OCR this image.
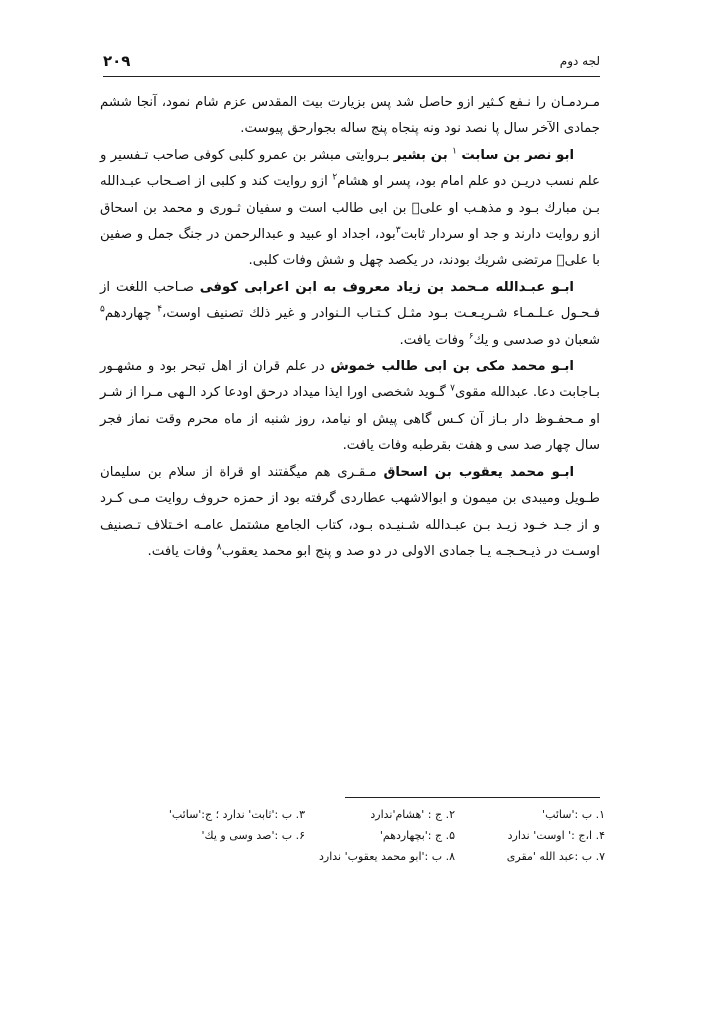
۲۰۹	لجه دوم

مـردمـان را نـفع کـثیر ازو حاصل شد پس بزیارت بیت المقدس عزم شام نمود، آنجا ششم جمادی الآخر سال پا نصد نود ونه پنجاه پنج ساله بجوارحق پیوست.

ابو نصر بن سابت $^۱$ بن بشیر بـروایتی مبشر بن عمرو کلبی کوفی صاحب تـفسیر و علم نسب دریـن دو علم امام بود، پسر او هشام$^۲$ ازو روایت کند و کلبی از اصـحاب عبـدالله بـن مبارك بـود و مذهـب او علیؑ بن ابی طالب است و سفیان ثـوری و محمد بن اسحاق ازو روایت دارند و جد او سردار ثابت$^۳$بود، اجداد او عبید و عبدالرحمن در جنگ جمل و صفین با علیؑ مرتضی شریك بودند، در یکصد چهل و شش وفات کلبی.

ابـو عبـدالله مـحمد بن زیاد معروف به ابن اعرابی کوفی صـاحب اللغت از فـحـول عـلـمـاء شـریـعـت بـود مثـل کـتـاب الـنوادر و غیر ذلك تصنیف اوست،$^۴$ چهاردهم$^۵$ شعبان دو صدسی و یك$^۶$ وفات یافت.

ابـو محمد مکی بن ابی طالب خموش در علم قران از اهل تبحر بود و مشهـور بـاجابت دعا. عبدالله مقوی$^۷$ گـوید شخصی اورا ایذا میداد درحق اودعا کرد الـهی مـرا از شـر او مـحفـوظ دار بـاز آن کـس گاهی پیش او نیامد، روز شنبه از ماه محرم وقت نماز فجر سال چهار صد سی و هفت بقرطبه وفات یافت.

ابـو محمد یعقوب بن اسحاق مـقـری هم میگفتند او قراة از سلام بن سلیمان طـویل ومیبدی بن میمون و ابوالاشهب عطاردی گرفته بود از حمزه حروف روایت مـی کـرد و از جـد خـود زیـد بـن عبـدالله شـنیـده بـود، کتاب الجامع مشتمل عامـه اخـتلاف تـصنیف اوسـت در ذیـحـجـه یـا جمادی الاولی در دو صد و پنج ابو محمد یعقوب$^۸$ وفات یافت.

۱. ب :'سائب'
۲. ج : 'هشام'ندارد
۳. ب :'ثابت' ندارد ؛ ج:'سائب'
۴. ا،ج :' اوست' ندارد
۵. ج :'بچهاردهم'
۶. ب :'صد وسی و یك'
۷. ب :عبد الله 'مقری
۸. ب :'ابو محمد یعقوب' ندارد
